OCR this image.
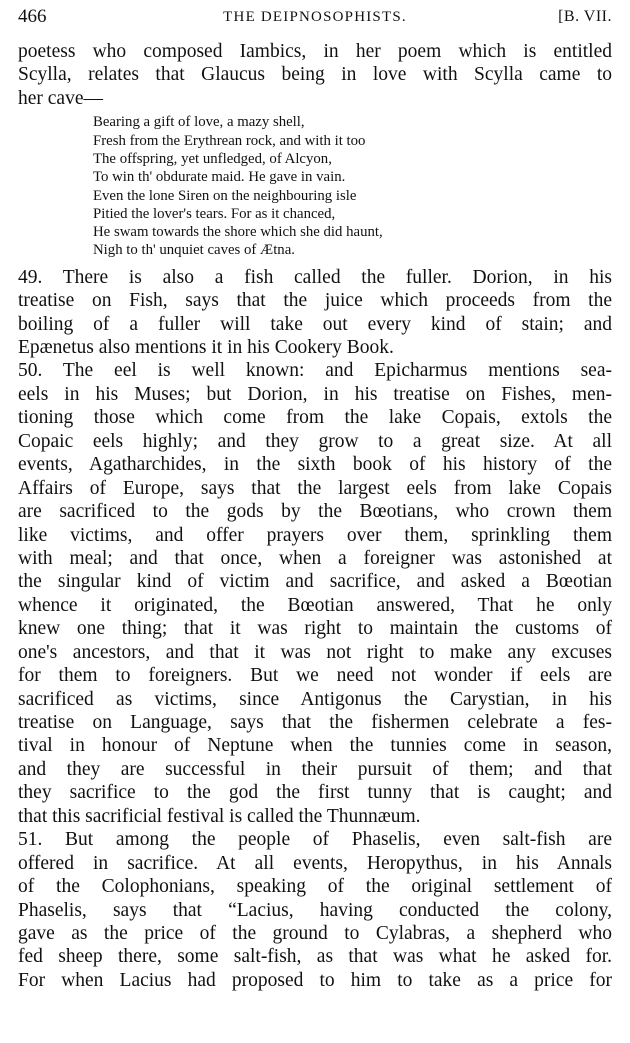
466	THE DEIPNOSOPHISTS.	[B. VII.
poetess who composed Iambics, in her poem which is entitled
Scylla, relates that Glaucus being in love with Scylla came to
her cave—
Bearing a gift of love, a mazy shell,
Fresh from the Erythrean rock, and with it too
The offspring, yet unfledged, of Alcyon,
To win th' obdurate maid. He gave in vain.
Even the lone Siren on the neighbouring isle
Pitied the lover's tears. For as it chanced,
He swam towards the shore which she did haunt,
Nigh to th' unquiet caves of Ætna.
49. There is also a fish called the fuller. Dorion, in his
treatise on Fish, says that the juice which proceeds from the
boiling of a fuller will take out every kind of stain; and
Epænetus also mentions it in his Cookery Book.
50. The eel is well known: and Epicharmus mentions sea-
eels in his Muses; but Dorion, in his treatise on Fishes, men-
tioning those which come from the lake Copais, extols the
Copaic eels highly; and they grow to a great size. At all
events, Agatharchides, in the sixth book of his history of the
Affairs of Europe, says that the largest eels from lake Copais
are sacrificed to the gods by the Bœotians, who crown them
like victims, and offer prayers over them, sprinkling them
with meal; and that once, when a foreigner was astonished at
the singular kind of victim and sacrifice, and asked a Bœotian
whence it originated, the Bœotian answered, That he only
knew one thing; that it was right to maintain the customs of
one's ancestors, and that it was not right to make any excuses
for them to foreigners. But we need not wonder if eels are
sacrificed as victims, since Antigonus the Carystian, in his
treatise on Language, says that the fishermen celebrate a fes-
tival in honour of Neptune when the tunnies come in season,
and they are successful in their pursuit of them; and that
they sacrifice to the god the first tunny that is caught; and
that this sacrificial festival is called the Thunnæum.
51. But among the people of Phaselis, even salt-fish are
offered in sacrifice. At all events, Heropythus, in his Annals
of the Colophonians, speaking of the original settlement of
Phaselis, says that “Lacius, having conducted the colony,
gave as the price of the ground to Cylabras, a shepherd who
fed sheep there, some salt-fish, as that was what he asked for.
For when Lacius had proposed to him to take as a price for
